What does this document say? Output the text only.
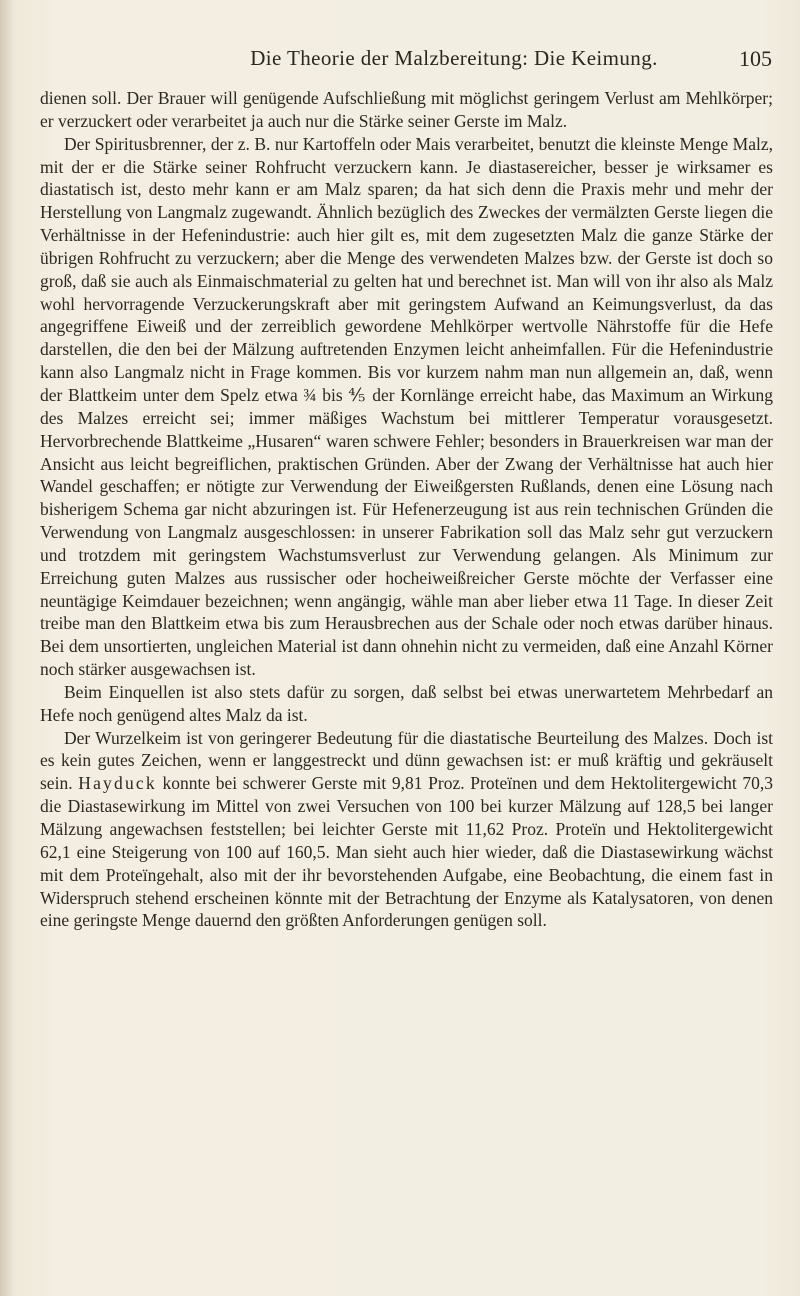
Die Theorie der Malzbereitung: Die Keimung.	105

dienen soll. Der Brauer will genügende Aufschließung mit möglichst geringem Verlust am Mehlkörper; er verzuckert oder verarbeitet ja auch nur die Stärke seiner Gerste im Malz.

Der Spiritusbrenner, der z. B. nur Kartoffeln oder Mais verarbeitet, benutzt die kleinste Menge Malz, mit der er die Stärke seiner Rohfrucht verzuckern kann. Je diastasereicher, besser je wirksamer es diastatisch ist, desto mehr kann er am Malz sparen; da hat sich denn die Praxis mehr und mehr der Herstellung von Langmalz zugewandt. Ähnlich bezüglich des Zweckes der vermälzten Gerste liegen die Verhältnisse in der Hefenindustrie: auch hier gilt es, mit dem zugesetzten Malz die ganze Stärke der übrigen Rohfrucht zu verzuckern; aber die Menge des verwendeten Malzes bzw. der Gerste ist doch so groß, daß sie auch als Einmaischmaterial zu gelten hat und berechnet ist. Man will von ihr also als Malz wohl hervorragende Verzuckerungskraft aber mit geringstem Aufwand an Keimungsverlust, da das angegriffene Eiweiß und der zerreiblich gewordene Mehlkörper wertvolle Nährstoffe für die Hefe darstellen, die den bei der Mälzung auftretenden Enzymen leicht anheimfallen. Für die Hefenindustrie kann also Langmalz nicht in Frage kommen. Bis vor kurzem nahm man nun allgemein an, daß, wenn der Blattkeim unter dem Spelz etwa ¾ bis ⅘ der Kornlänge erreicht habe, das Maximum an Wirkung des Malzes erreicht sei; immer mäßiges Wachstum bei mittlerer Temperatur vorausgesetzt. Hervorbrechende Blattkeime „Husaren“ waren schwere Fehler; besonders in Brauerkreisen war man der Ansicht aus leicht begreiflichen, praktischen Gründen. Aber der Zwang der Verhältnisse hat auch hier Wandel geschaffen; er nötigte zur Verwendung der Eiweißgersten Rußlands, denen eine Lösung nach bisherigem Schema gar nicht abzuringen ist. Für Hefenerzeugung ist aus rein technischen Gründen die Verwendung von Langmalz ausgeschlossen: in unserer Fabrikation soll das Malz sehr gut verzuckern und trotzdem mit geringstem Wachstumsverlust zur Verwendung gelangen. Als Minimum zur Erreichung guten Malzes aus russischer oder hocheiweißreicher Gerste möchte der Verfasser eine neuntägige Keimdauer bezeichnen; wenn angängig, wähle man aber lieber etwa 11 Tage. In dieser Zeit treibe man den Blattkeim etwa bis zum Herausbrechen aus der Schale oder noch etwas darüber hinaus. Bei dem unsortierten, ungleichen Material ist dann ohnehin nicht zu vermeiden, daß eine Anzahl Körner noch stärker ausgewachsen ist.

Beim Einquellen ist also stets dafür zu sorgen, daß selbst bei etwas unerwartetem Mehrbedarf an Hefe noch genügend altes Malz da ist.

Der Wurzelkeim ist von geringerer Bedeutung für die diastatische Beurteilung des Malzes. Doch ist es kein gutes Zeichen, wenn er langgestreckt und dünn gewachsen ist: er muß kräftig und gekräuselt sein. Hayduck konnte bei schwerer Gerste mit 9,81 Proz. Proteïnen und dem Hektolitergewicht 70,3 die Diastasewirkung im Mittel von zwei Versuchen von 100 bei kurzer Mälzung auf 128,5 bei langer Mälzung angewachsen feststellen; bei leichter Gerste mit 11,62 Proz. Proteïn und Hektolitergewicht 62,1 eine Steigerung von 100 auf 160,5. Man sieht auch hier wieder, daß die Diastasewirkung wächst mit dem Proteïngehalt, also mit der ihr bevorstehenden Aufgabe, eine Beobachtung, die einem fast in Widerspruch stehend erscheinen könnte mit der Betrachtung der Enzyme als Katalysatoren, von denen eine geringste Menge dauernd den größten Anforderungen genügen soll.
